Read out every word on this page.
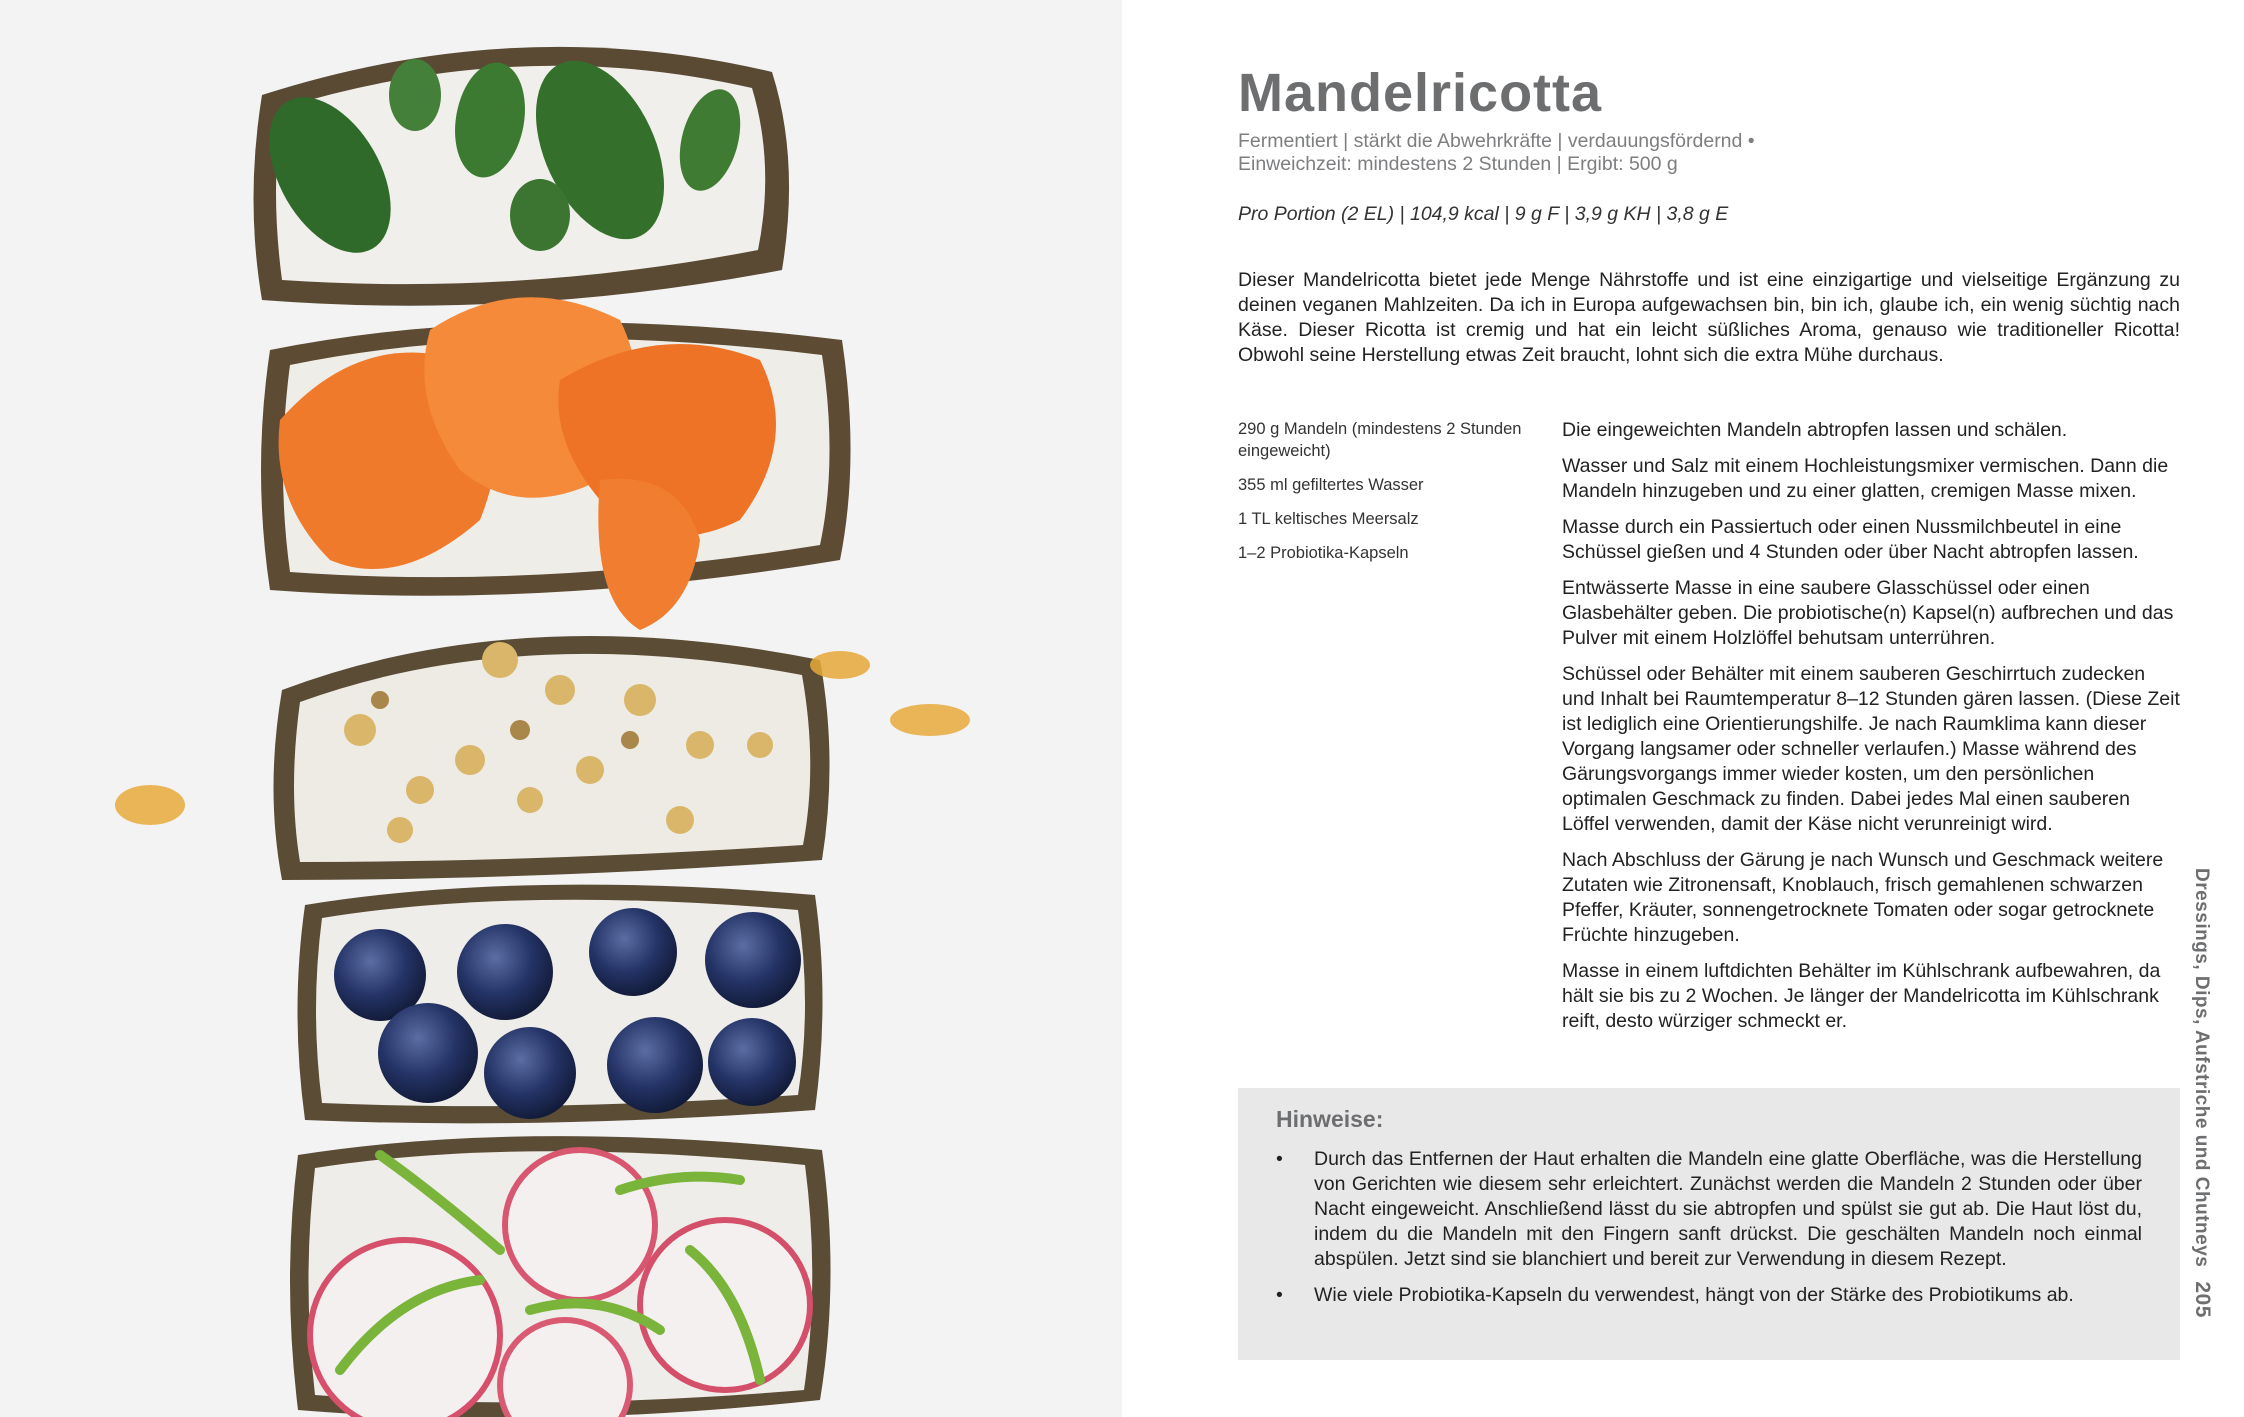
Mandelricotta
Fermentiert | stärkt die Abwehrkräfte | verdauungsfördernd •
Einweichzeit: mindestens 2 Stunden | Ergibt: 500 g
Pro Portion (2 EL) | 104,9 kcal | 9 g F | 3,9 g KH | 3,8 g E

Dieser Mandelricotta bietet jede Menge Nährstoffe und ist eine einzigartige und vielseitige Ergänzung zu deinen veganen Mahlzeiten. Da ich in Europa aufgewachsen bin, bin ich, glaube ich, ein wenig süchtig nach Käse. Dieser Ricotta ist cremig und hat ein leicht süßliches Aroma, genauso wie traditioneller Ricotta! Obwohl seine Herstellung etwas Zeit braucht, lohnt sich die extra Mühe durchaus.

290 g Mandeln (mindestens 2 Stunden eingeweicht)
355 ml gefiltertes Wasser
1 TL keltisches Meersalz
1–2 Probiotika-Kapseln

Die eingeweichten Mandeln abtropfen lassen und schälen.

Wasser und Salz mit einem Hochleistungsmixer vermischen. Dann die Mandeln hinzugeben und zu einer glatten, cremigen Masse mixen.

Masse durch ein Passiertuch oder einen Nussmilchbeutel in eine Schüssel gießen und 4 Stunden oder über Nacht abtropfen lassen.

Entwässerte Masse in eine saubere Glasschüssel oder einen Glasbehälter geben. Die probiotische(n) Kapsel(n) aufbrechen und das Pulver mit einem Holzlöffel behutsam unterrühren.

Schüssel oder Behälter mit einem sauberen Geschirrtuch zudecken und Inhalt bei Raumtemperatur 8–12 Stunden gären lassen. (Diese Zeit ist lediglich eine Orientierungshilfe. Je nach Raumklima kann dieser Vorgang langsamer oder schneller verlaufen.) Masse während des Gärungsvorgangs immer wieder kosten, um den persönlichen optimalen Geschmack zu finden. Dabei jedes Mal einen sauberen Löffel verwenden, damit der Käse nicht verunreinigt wird.

Nach Abschluss der Gärung je nach Wunsch und Geschmack weitere Zutaten wie Zitronensaft, Knoblauch, frisch gemahlenen schwarzen Pfeffer, Kräuter, sonnengetrocknete Tomaten oder sogar getrocknete Früchte hinzugeben.

Masse in einem luftdichten Behälter im Kühlschrank aufbewahren, da hält sie bis zu 2 Wochen. Je länger der Mandelricotta im Kühlschrank reift, desto würziger schmeckt er.

Hinweise:
• Durch das Entfernen der Haut erhalten die Mandeln eine glatte Oberfläche, was die Herstellung von Gerichten wie diesem sehr erleichtert. Zunächst werden die Mandeln 2 Stunden oder über Nacht eingeweicht. Anschließend lässt du sie abtropfen und spülst sie gut ab. Die Haut löst du, indem du die Mandeln mit den Fingern sanft drückst. Die geschälten Mandeln noch einmal abspülen. Jetzt sind sie blanchiert und bereit zur Verwendung in diesem Rezept.
• Wie viele Probiotika-Kapseln du verwendest, hängt von der Stärke des Probiotikums ab.
Dressings, Dips, Aufstriche und Chutneys205
